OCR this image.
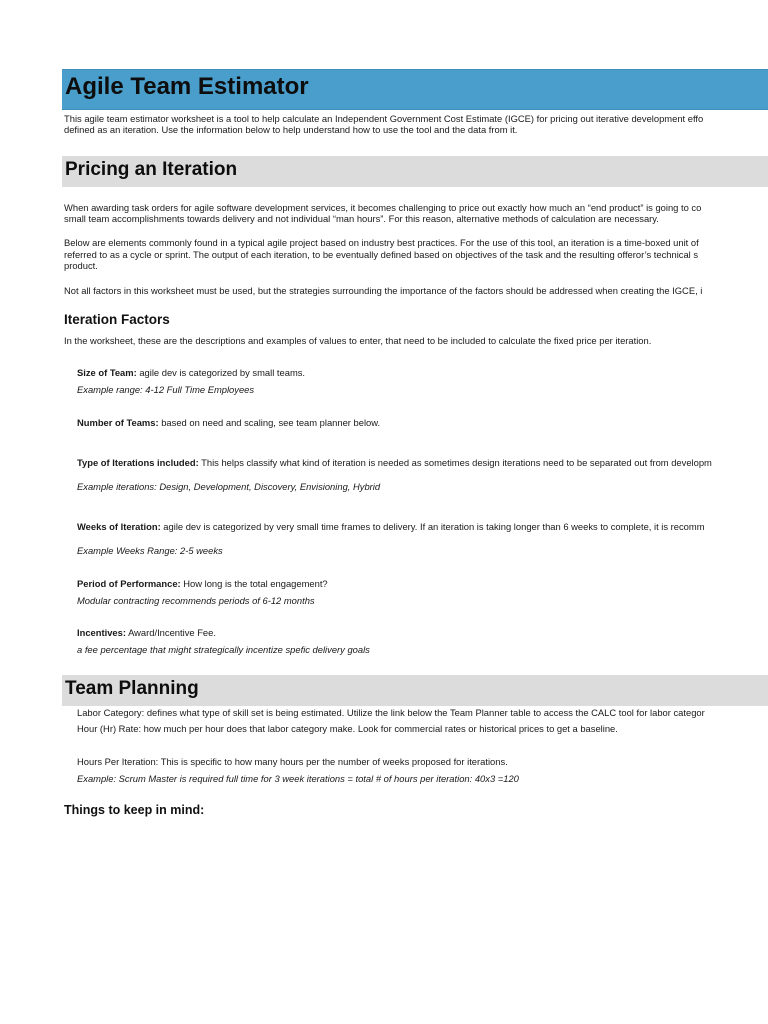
Agile Team Estimator
This agile team estimator worksheet is a tool to help calculate an Independent Government Cost Estimate (IGCE) for pricing out iterative development effo
defined as an iteration. Use the information below to help understand how to use the tool and the data from it.
Pricing an Iteration
When awarding task orders for agile software development services, it becomes challenging to price out exactly how much an “end product” is going to co
small team accomplishments towards delivery and not individual “man hours”. For this reason, alternative methods of calculation are necessary.
Below are elements commonly found in a typical agile project based on industry best practices. For the use of this tool, an iteration is a time-boxed unit of
referred to as a cycle or sprint. The output of each iteration, to be eventually defined based on objectives of the task and the resulting offeror’s technical s
product.
Not all factors in this worksheet must be used, but the strategies surrounding the importance of the factors should be addressed when creating the IGCE, i
Iteration Factors
In the worksheet, these are the descriptions and examples of values to enter, that need to be included to calculate the fixed price per iteration.
Size of Team: agile dev is categorized by small teams.
Example range: 4-12 Full Time Employees
Number of Teams: based on need and scaling, see team planner below.
Type of Iterations included: This helps classify what kind of iteration is needed as sometimes design iterations need to be separated out from developm
Example iterations: Design, Development, Discovery, Envisioning, Hybrid
Weeks of Iteration: agile dev is categorized by very small time frames to delivery. If an iteration is taking longer than 6 weeks to complete, it is recomm
Example Weeks Range: 2-5 weeks
Period of Performance: How long is the total engagement?
Modular contracting recommends periods of 6-12 months
Incentives: Award/Incentive Fee.
a fee percentage that might strategically incentize speﬁc delivery goals
Team Planning
Labor Category: defines what type of skill set is being estimated. Utilize the link below the Team Planner table to access the CALC tool for labor categor
Hour (Hr) Rate: how much per hour does that labor category make. Look for commercial rates or historical prices to get a baseline.
Hours Per Iteration: This is specific to how many hours per the number of weeks proposed for iterations.
Example: Scrum Master is required full time for 3 week iterations = total # of hours per iteration: 40x3 =120
Things to keep in mind:
